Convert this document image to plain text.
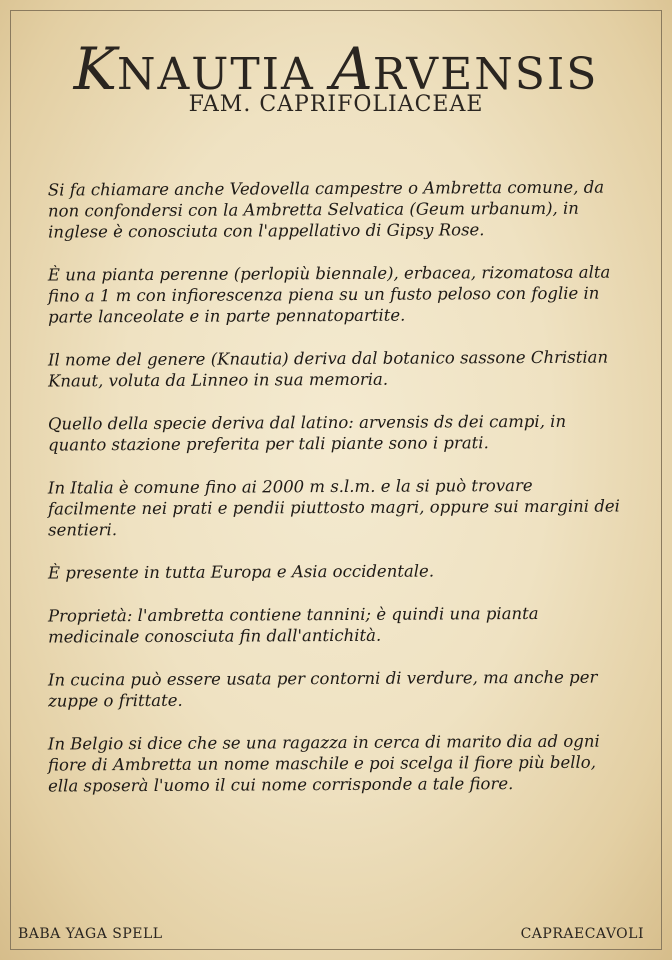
KNAUTIA ARVENSIS
FAM. CAPRIFOLIACEAE

Si fa chiamare anche Vedovella campestre o Ambretta comune, da non confondersi con la Ambretta Selvatica (Geum urbanum), in inglese è conosciuta con l'appellativo di Gipsy Rose.

È una pianta perenne (perlopiù biennale), erbacea, rizomatosa alta fino a 1 m con infiorescenza piena su un fusto peloso con foglie in parte lanceolate e in parte pennatopartite.

Il nome del genere (Knautia) deriva dal botanico sassone Christian Knaut, voluta da Linneo in sua memoria.

Quello della specie deriva dal latino: arvensis ds dei campi, in quanto stazione preferita per tali piante sono i prati.

In Italia è comune fino ai 2000 m s.l.m. e la si può trovare facilmente nei prati e pendii piuttosto magri, oppure sui margini dei sentieri.

È presente in tutta Europa e Asia occidentale.

Proprietà: l'ambretta contiene tannini; è quindi una pianta medicinale conosciuta fin dall'antichità.

In cucina può essere usata per contorni di verdure, ma anche per zuppe o frittate.

In Belgio si dice che se una ragazza in cerca di marito dia ad ogni fiore di Ambretta un nome maschile e poi scelga il fiore più bello, ella sposerà l'uomo il cui nome corrisponde a tale fiore.

BABA YAGA SPELL	CAPRAECAVOLI
